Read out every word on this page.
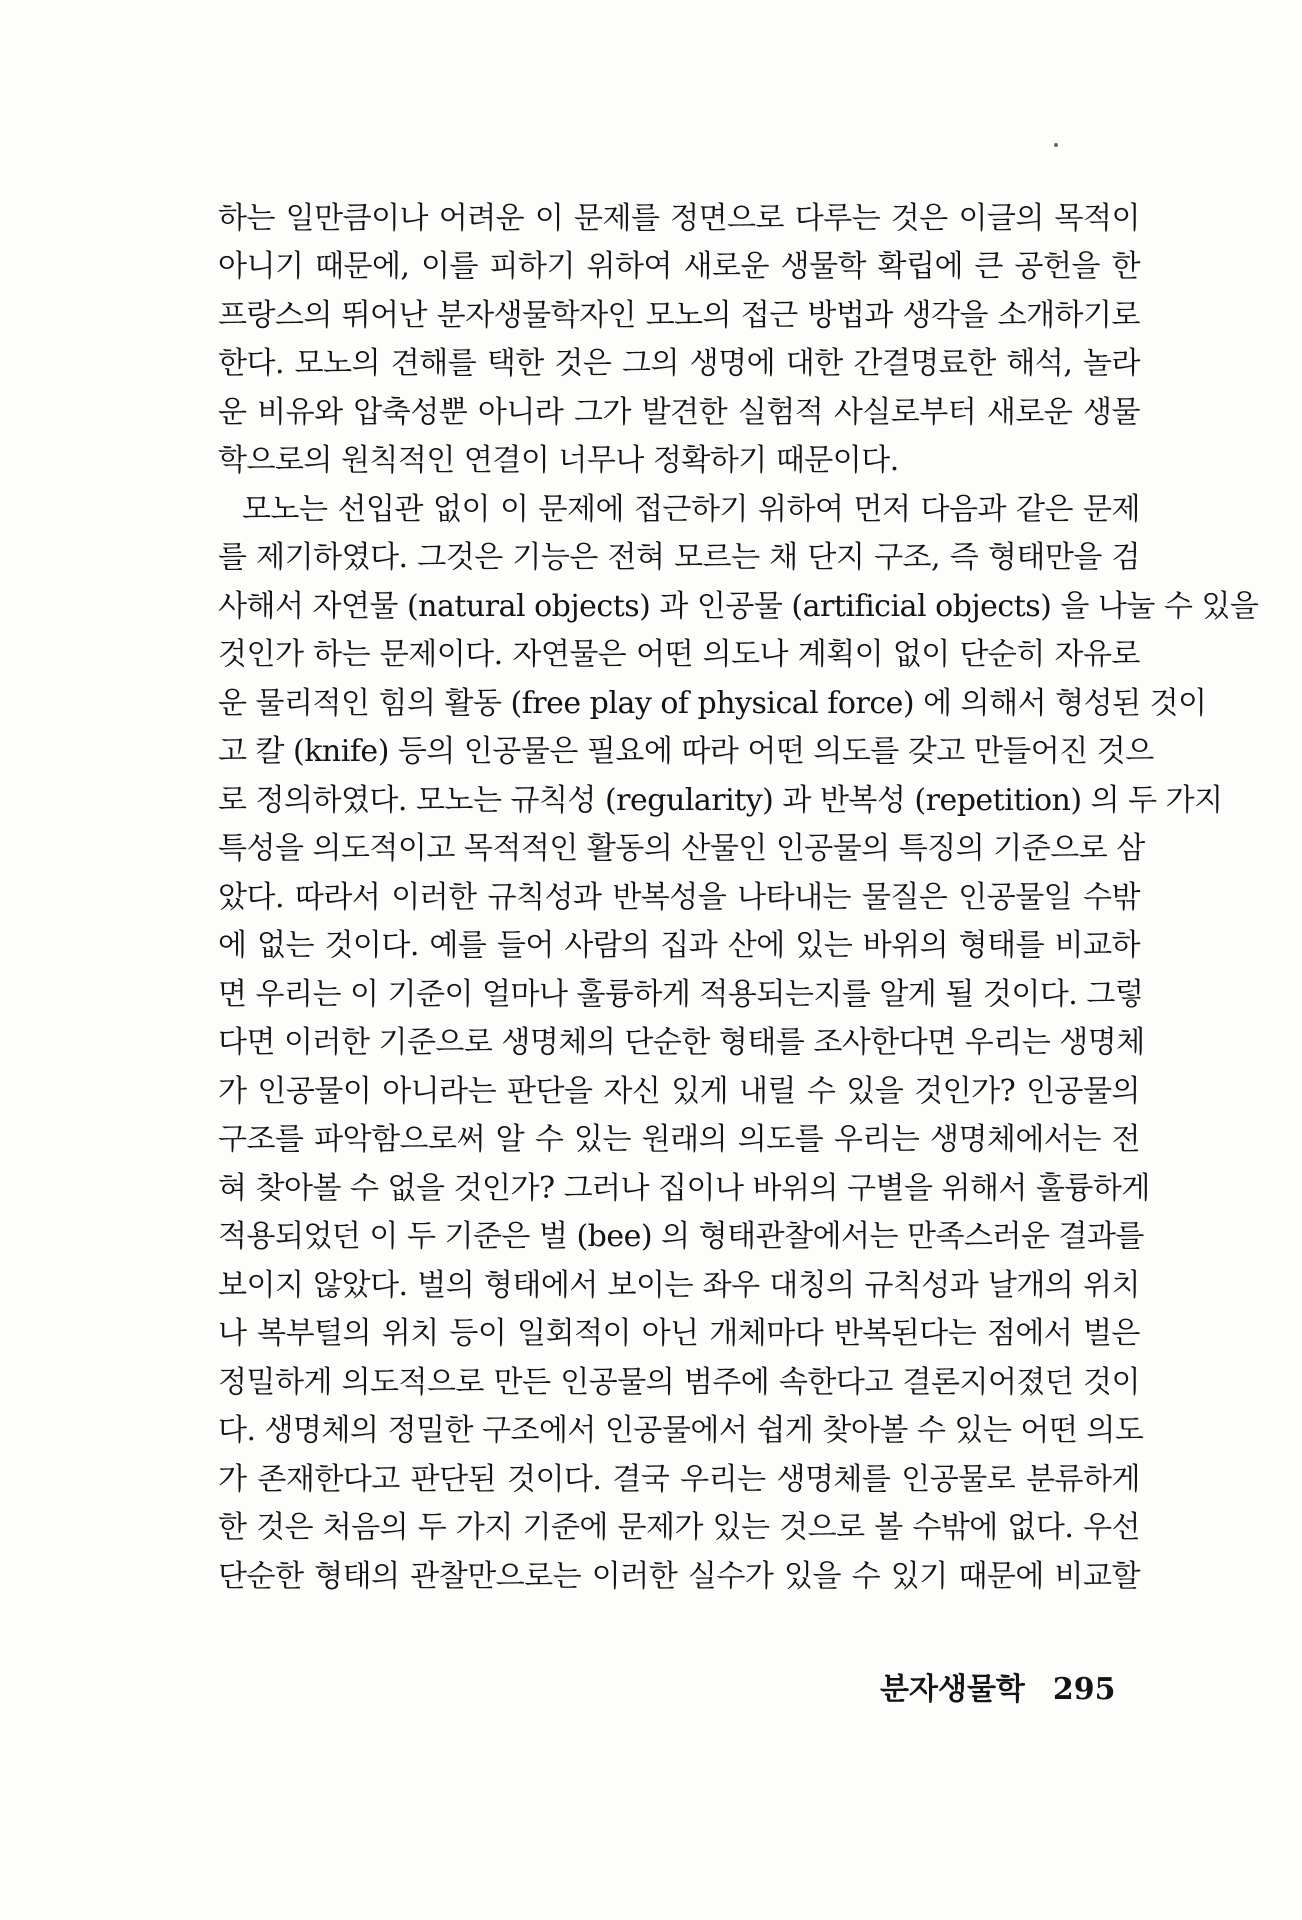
하는 일만큼이나 어려운 이 문제를 정면으로 다루는 것은 이글의 목적이
아니기 때문에, 이를 피하기 위하여 새로운 생물학 확립에 큰 공헌을 한
프랑스의 뛰어난 분자생물학자인 모노의 접근 방법과 생각을 소개하기로
한다. 모노의 견해를 택한 것은 그의 생명에 대한 간결명료한 해석, 놀라
운 비유와 압축성뿐 아니라 그가 발견한 실험적 사실로부터 새로운 생물
학으로의 원칙적인 연결이 너무나 정확하기 때문이다.
모노는 선입관 없이 이 문제에 접근하기 위하여 먼저 다음과 같은 문제
를 제기하였다. 그것은 기능은 전혀 모르는 채 단지 구조, 즉 형태만을 검
사해서 자연물 (natural objects) 과 인공물 (artificial objects) 을 나눌 수 있을
것인가 하는 문제이다. 자연물은 어떤 의도나 계획이 없이 단순히 자유로
운 물리적인 힘의 활동 (free play of physical force) 에 의해서 형성된 것이
고 칼 (knife) 등의 인공물은 필요에 따라 어떤 의도를 갖고 만들어진 것으
로 정의하였다. 모노는 규칙성 (regularity) 과 반복성 (repetition) 의 두 가지
특성을 의도적이고 목적적인 활동의 산물인 인공물의 특징의 기준으로 삼
았다. 따라서 이러한 규칙성과 반복성을 나타내는 물질은 인공물일 수밖
에 없는 것이다. 예를 들어 사람의 집과 산에 있는 바위의 형태를 비교하
면 우리는 이 기준이 얼마나 훌륭하게 적용되는지를 알게 될 것이다. 그렇
다면 이러한 기준으로 생명체의 단순한 형태를 조사한다면 우리는 생명체
가 인공물이 아니라는 판단을 자신 있게 내릴 수 있을 것인가? 인공물의
구조를 파악함으로써 알 수 있는 원래의 의도를 우리는 생명체에서는 전
혀 찾아볼 수 없을 것인가? 그러나 집이나 바위의 구별을 위해서 훌륭하게
적용되었던 이 두 기준은 벌 (bee) 의 형태관찰에서는 만족스러운 결과를
보이지 않았다. 벌의 형태에서 보이는 좌우 대칭의 규칙성과 날개의 위치
나 복부털의 위치 등이 일회적이 아닌 개체마다 반복된다는 점에서 벌은
정밀하게 의도적으로 만든 인공물의 범주에 속한다고 결론지어졌던 것이
다. 생명체의 정밀한 구조에서 인공물에서 쉽게 찾아볼 수 있는 어떤 의도
가 존재한다고 판단된 것이다. 결국 우리는 생명체를 인공물로 분류하게
한 것은 처음의 두 가지 기준에 문제가 있는 것으로 볼 수밖에 없다. 우선
단순한 형태의 관찰만으로는 이러한 실수가 있을 수 있기 때문에 비교할
분자생물학 295
